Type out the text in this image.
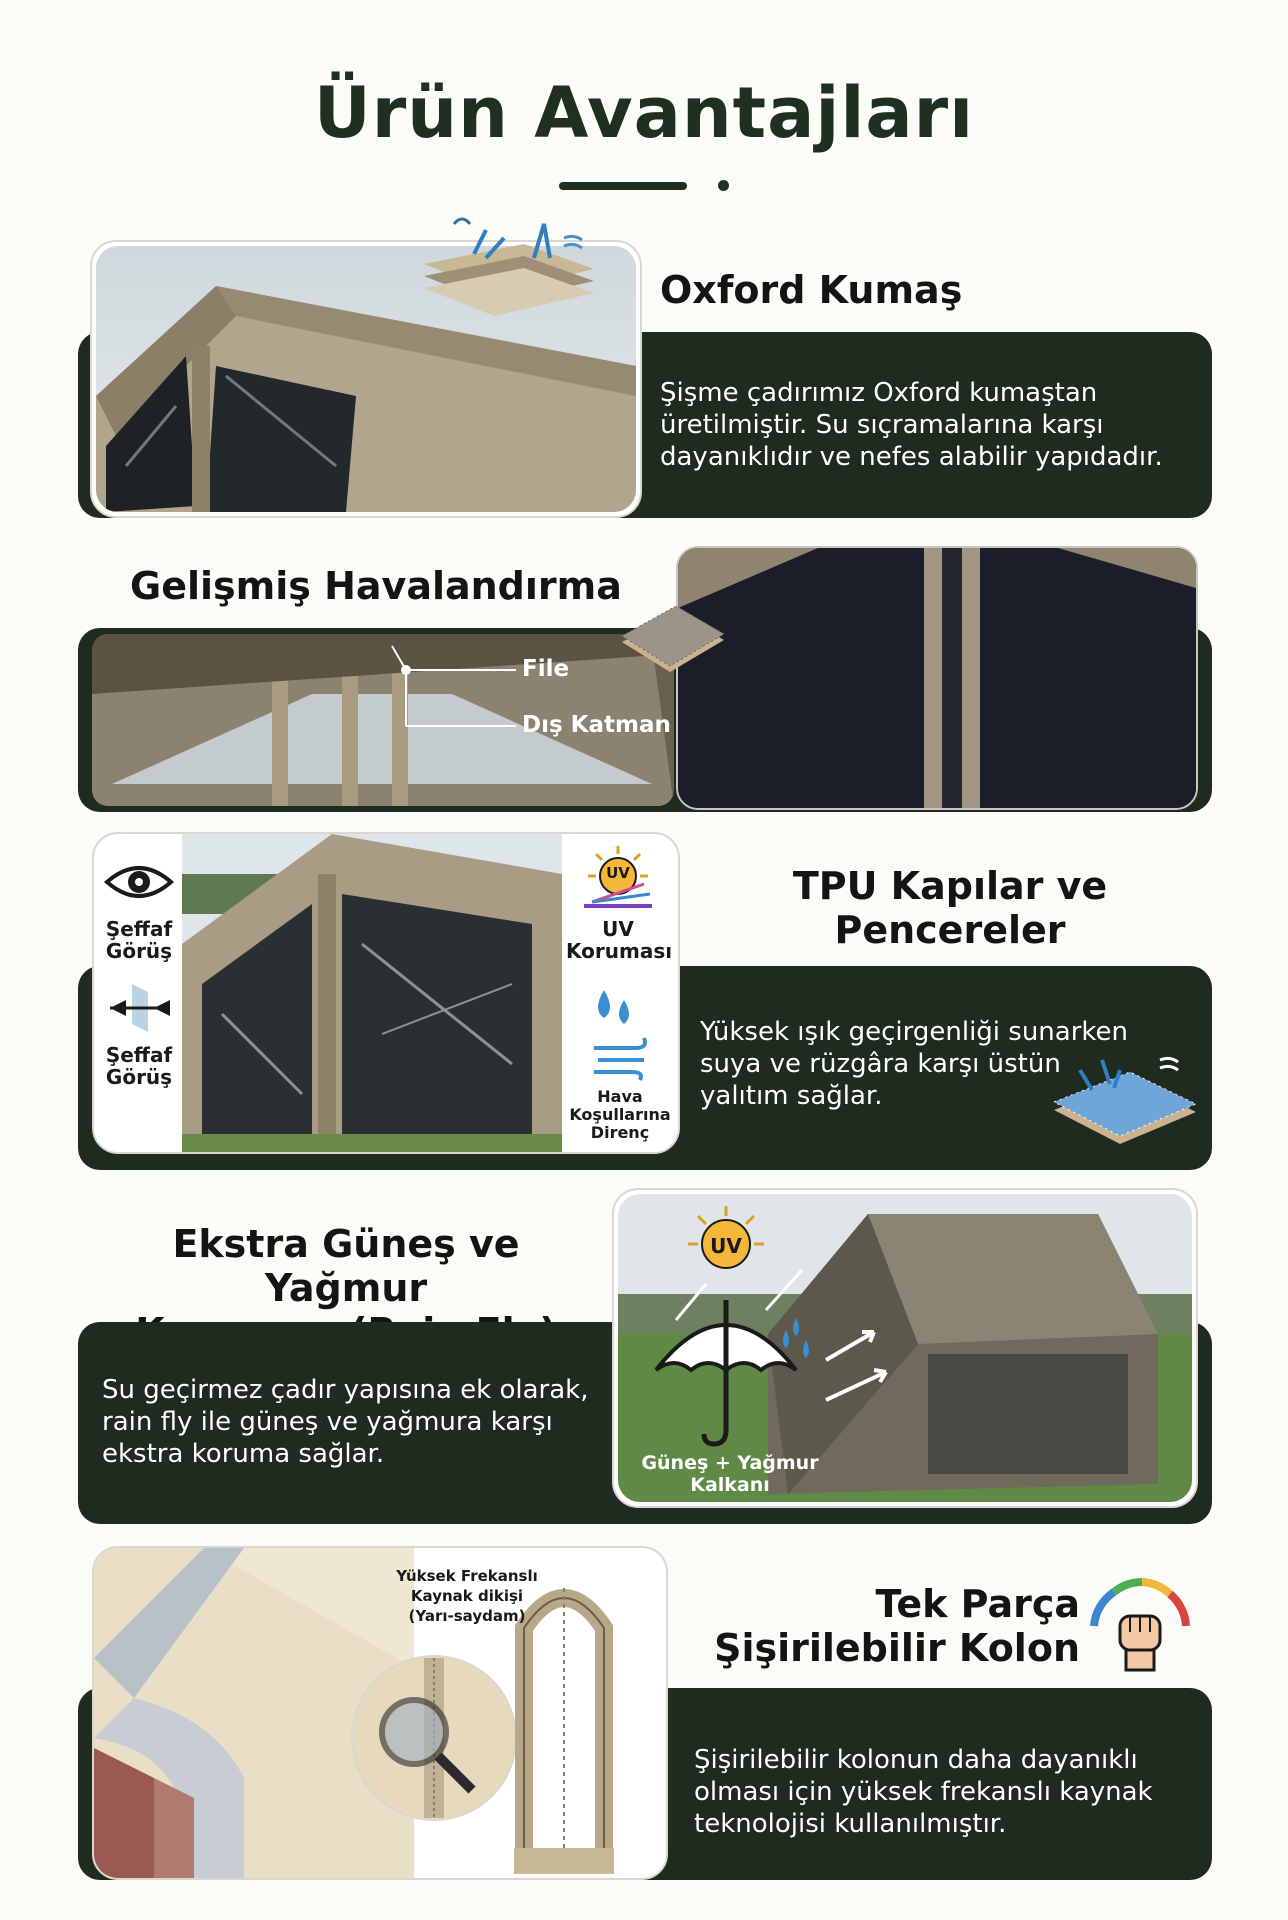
Ürün Avantajları
Oxford Kumaş
Şişme çadırımız Oxford kumaştan
üretilmiştir. Su sıçramalarına karşı
dayanıklıdır ve nefes alabilir yapıdadır.
Gelişmiş Havalandırma
File
Dış Katman
Şeffaf
Görüş
Şeffaf
Görüş
UV
UV
Koruması
Hava
Koşullarına
Direnç
TPU Kapılar ve
Pencereler
Yüksek ışık geçirgenliği sunarken
suya ve rüzgâra karşı üstün
yalıtım sağlar.
Ekstra Güneş ve Yağmur
Su geçirmez çadır yapısına ek olarak,
rain fly ile güneş ve yağmura karşı
ekstra koruma sağlar.
UV
Güneş + Yağmur
Kalkanı
Yüksek Frekanslı
Kaynak dikişi
(Yarı-saydam)	Tek Parça
Şişirilebilir Kolon
Şişirilebilir kolonun daha dayanıklı
olması için yüksek frekanslı kaynak
teknolojisi kullanılmıştır.
